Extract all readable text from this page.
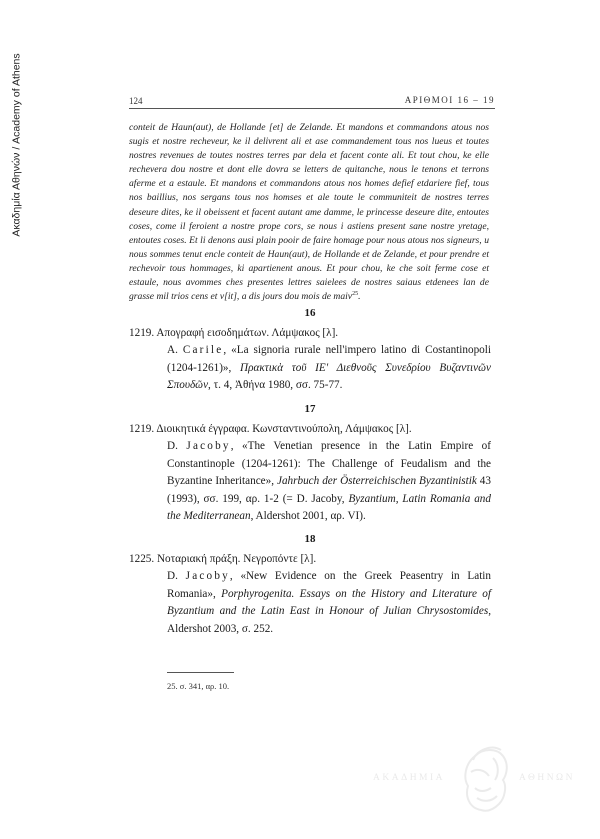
Ακαδημία Αθηνών / Academy of Athens	124	ΑΡΙΘΜΟΙ 16 – 19
conteit de Haun(aut), de Hollande [et] de Zelande. Et mandons et commandons atous nos sugis et nostre recheveur, ke il delivrent ali et ase commandement tous nos lueus et toutes nostres revenues de toutes nostres terres par dela et facent conte ali. Et tout chou, ke elle rechevera dou nostre et dont elle dovra se letters de quitanche, nous le tenons et terrons aferme et a estaule. Et mandons et commandons atous nos homes defief etdariere fief, tous nos baillius, nos sergans tous nos homses et ale toute le communiteit de nostres terres deseure dites, ke il obeissent et facent autant ame damme, le princesse deseure dite, entoutes coses, come il feroient a nostre prope cors, se nous i astiens present sane nostre yretage, entoutes coses. Et li denons ausi plain pooir de faire homage pour nous atous nos signeurs, u nous sommes tenut encle conteit de Haun(aut), de Hollande et de Zelande, et pour prendre et rechevoir tous hommages, ki apartienent anous. Et pour chou, ke che soit ferme cose et estaule, nous avommes ches presentes lettres saielees de nostres saiaus etdenees lan de grasse mil trios cens et v[it], a dis jours dou mois de maiv$^{25}$.
16
1219. Απογραφή εισοδημάτων. Λάμψακος [λ].
A. Carile, «La signoria rurale nell'impero latino di Costantinopoli (1204-1261)», Πρακτικὰ τοῦ ΙΕ' Διεθνοῦς Συνεδρίου Βυζαντινῶν Σπουδῶν, τ. 4, Ἀθήνα 1980, σσ. 75-77.
17
1219. Διοικητικά έγγραφα. Κωνσταντινούπολη, Λάμψακος [λ].
D. Jacoby, «The Venetian presence in the Latin Empire of Constantinople (1204-1261): The Challenge of Feudalism and the Byzantine Inheritance», Jahrbuch der Österreichischen Byzantinistik 43 (1993), σσ. 199, αρ. 1-2 (= D. Jacoby, Byzantium, Latin Romania and the Mediterranean, Aldershot 2001, αρ. VI).
18
1225. Νοταριακή πράξη. Νεγροπόντε [λ].
D. Jacoby, «New Evidence on the Greek Peasentry in Latin Romania», Porphyrogenita. Essays on the History and Literature of Byzantium and the Latin East in Honour of Julian Chrysostomides, Aldershot 2003, σ. 252.
25. σ. 341, αρ. 10.
ΑΚΑΔΗΜΙΑ	ΑΘΗΝΩΝ
